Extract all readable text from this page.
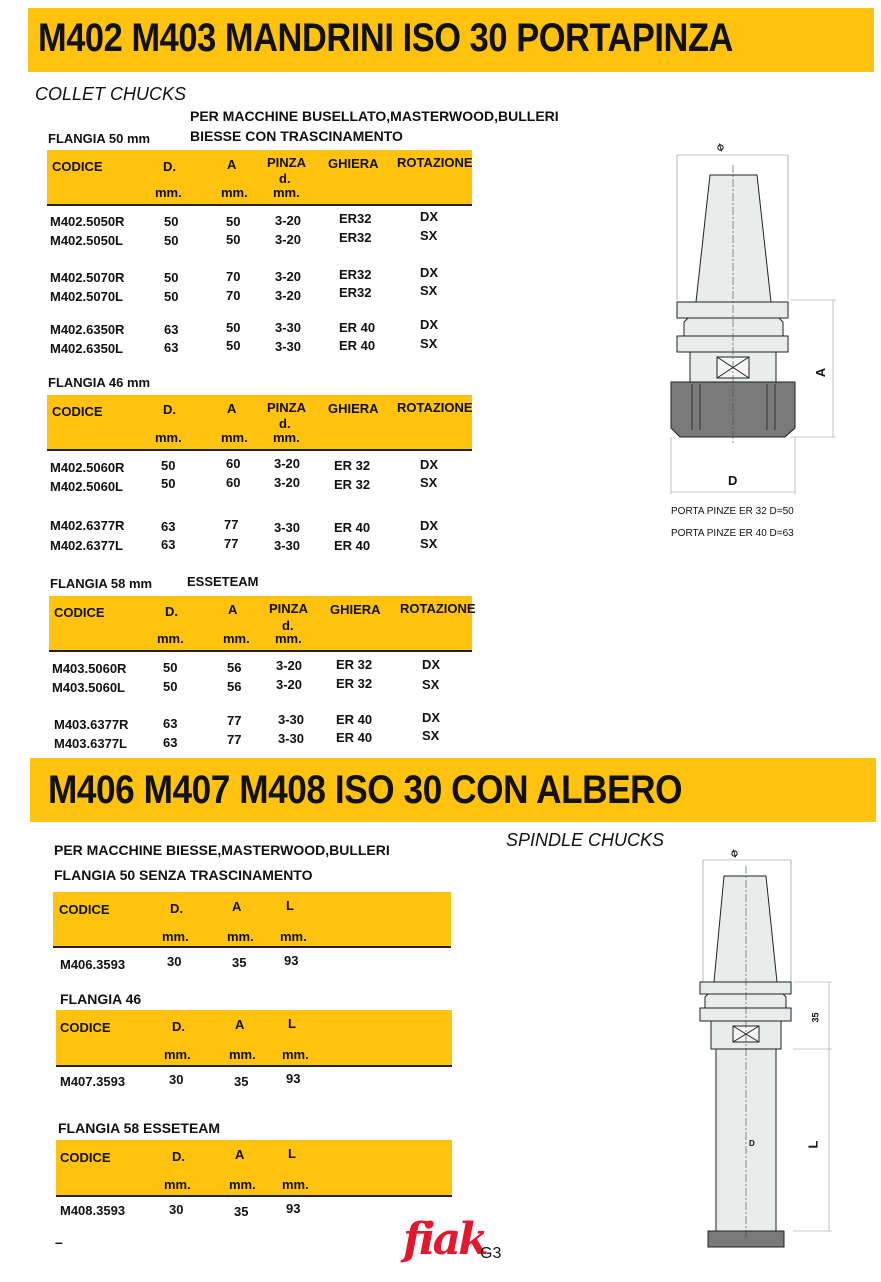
M402 M403 MANDRINI ISO 30 PORTAPINZA
COLLET CHUCKS
PER MACCHINE BUSELLATO,MASTERWOOD,BULLERI
BIESSE CON TRASCINAMENTO
FLANGIA 50 mm
CODICE	D.	A PINZA
d.
GHIERA ROTAZIONE
mm.	mm. mm.
M402.5050R	50	50	3-20	ER32	DX
M402.5050L	50	50	3-20	ER32	SX
M402.5070R	50	70	3-20	ER32	DX
M402.5070L	50	70	3-20	ER32	SX
M402.6350R	63	50	3-30	ER 40	DX
M402.6350L	63	50	3-30	ER 40	SX
FLANGIA 46 mm
CODICE	D.	A PINZA
d.
GHIERA ROTAZIONE
mm.	mm. mm.
M402.5060R	50	60	3-20	ER 32	DX
M402.5060L	50	60	3-20	ER 32	SX
M402.6377R	63	77	3-30	ER 40	DX
M402.6377L	63	77	3-30	ER 40	SX
FLANGIA 58 mm	ESSETEAM
CODICE	D.	A PINZA
d.
GHIERA ROTAZIONE
mm.	mm. mm.
M403.5060R	50	56	3-20	ER 32	DX
M403.5060L	50	56	3-20	ER 32	SX
M403.6377R	63	77	3-30 ER 40	DX
M403.6377L	63	77	3-30 ER 40	SX
⌀
A
D
PORTA PINZE ER 32 D=50
PORTA PINZE ER 40 D=63
M406 M407 M408 ISO 30 CON ALBERO
SPINDLE CHUCKS
PER MACCHINE BIESSE,MASTERWOOD,BULLERI
FLANGIA 50 SENZA TRASCINAMENTO
CODICE	D.	A	L
mm.	mm. mm.
M406.3593	30	35	93
FLANGIA 46
CODICE	D.	A	L
mm.	mm. mm.
M407.3593	30	35	93
FLANGIA 58 ESSETEAM
CODICE	D.	A	L
mm.	mm. mm.
M408.3593	30	35	93
⌀
35
L
D
–	fiak
G3
